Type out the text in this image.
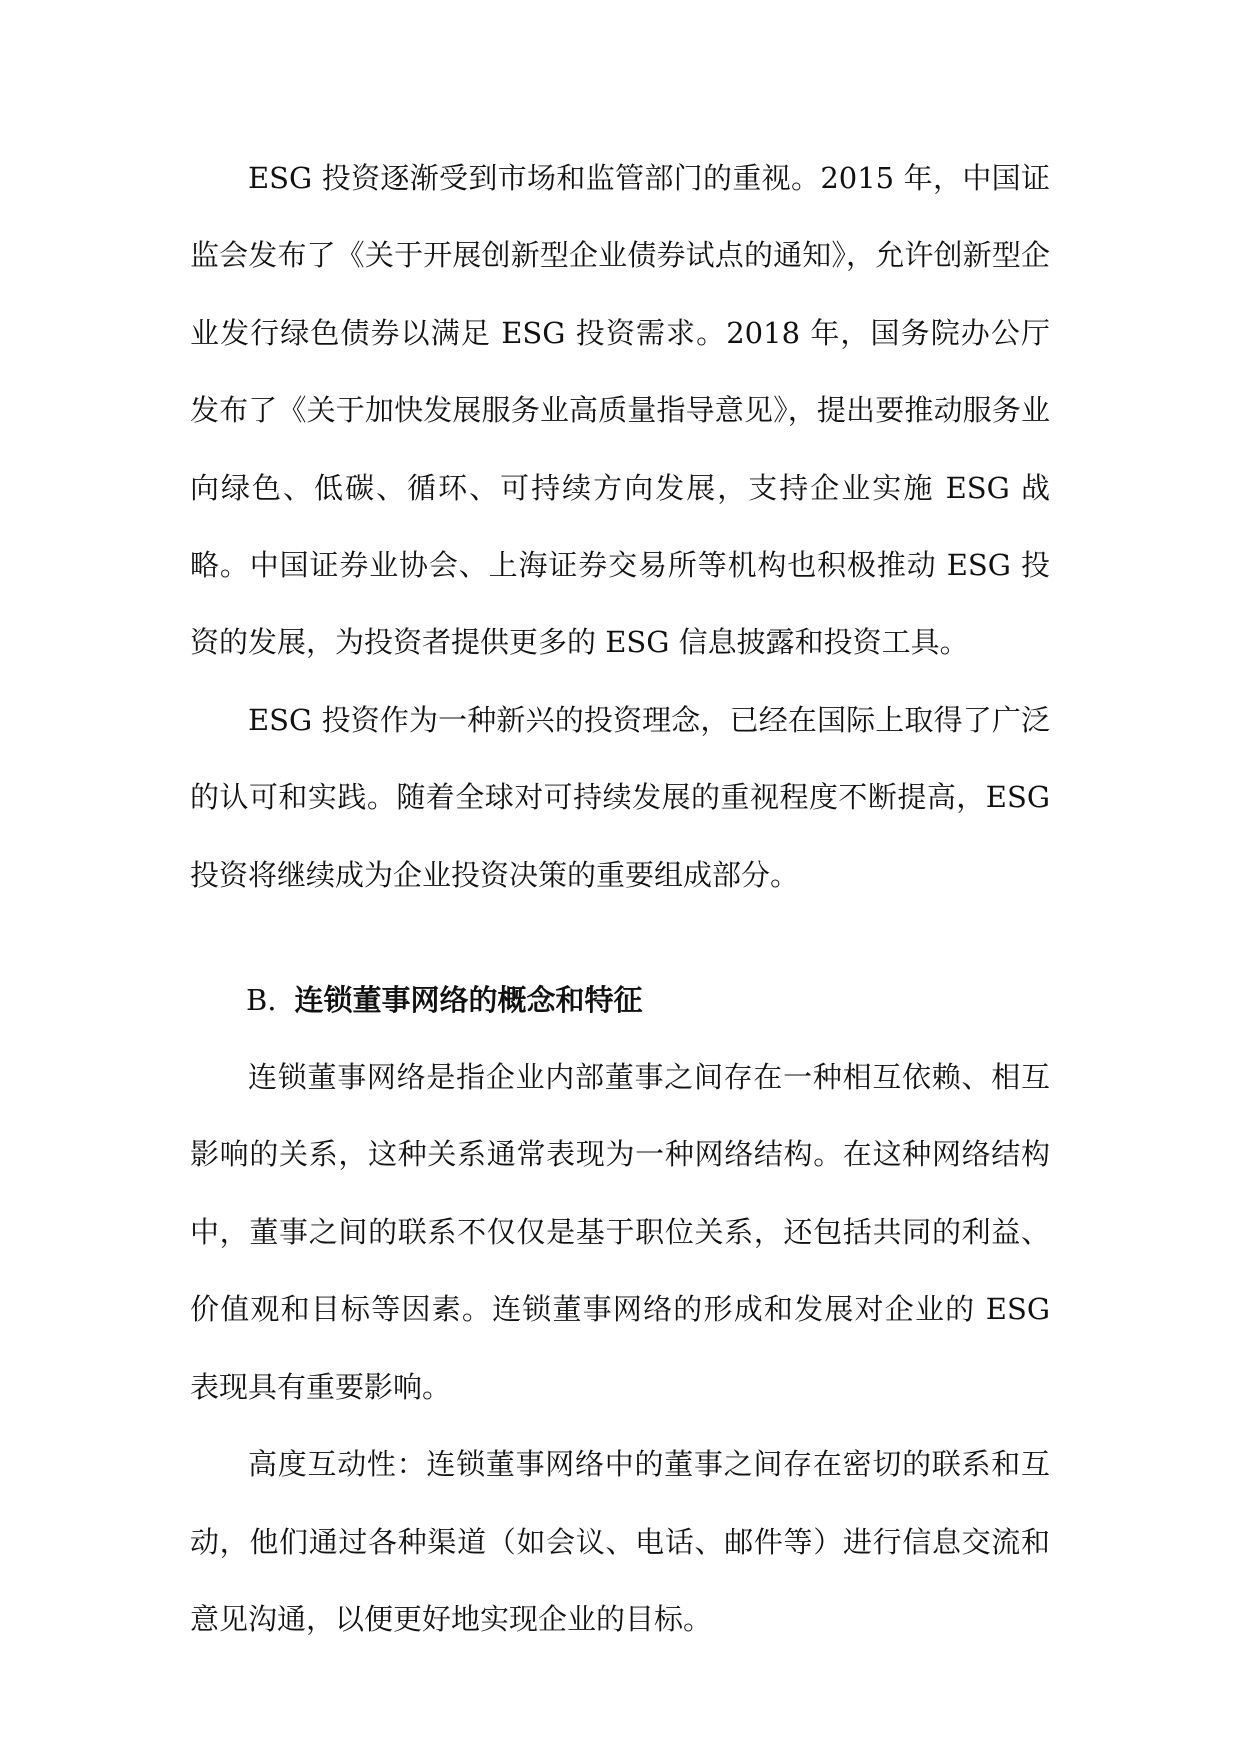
ESG 投资逐渐受到市场和监管部门的重视。2015 年，中国证监会发布了《关于开展创新型企业债券试点的通知》，允许创新型企业发行绿色债券以满足 ESG 投资需求。2018 年，国务院办公厅发布了《关于加快发展服务业高质量指导意见》，提出要推动服务业向绿色、低碳、循环、可持续方向发展，支持企业实施 ESG 战略。中国证券业协会、上海证券交易所等机构也积极推动 ESG 投资的发展，为投资者提供更多的 ESG 信息披露和投资工具。

ESG 投资作为一种新兴的投资理念，已经在国际上取得了广泛的认可和实践。随着全球对可持续发展的重视程度不断提高，ESG 投资将继续成为企业投资决策的重要组成部分。

B. 连锁董事网络的概念和特征

连锁董事网络是指企业内部董事之间存在一种相互依赖、相互影响的关系，这种关系通常表现为一种网络结构。在这种网络结构中，董事之间的联系不仅仅是基于职位关系，还包括共同的利益、价值观和目标等因素。连锁董事网络的形成和发展对企业的 ESG 表现具有重要影响。

高度互动性：连锁董事网络中的董事之间存在密切的联系和互动，他们通过各种渠道（如会议、电话、邮件等）进行信息交流和意见沟通，以便更好地实现企业的目标。
